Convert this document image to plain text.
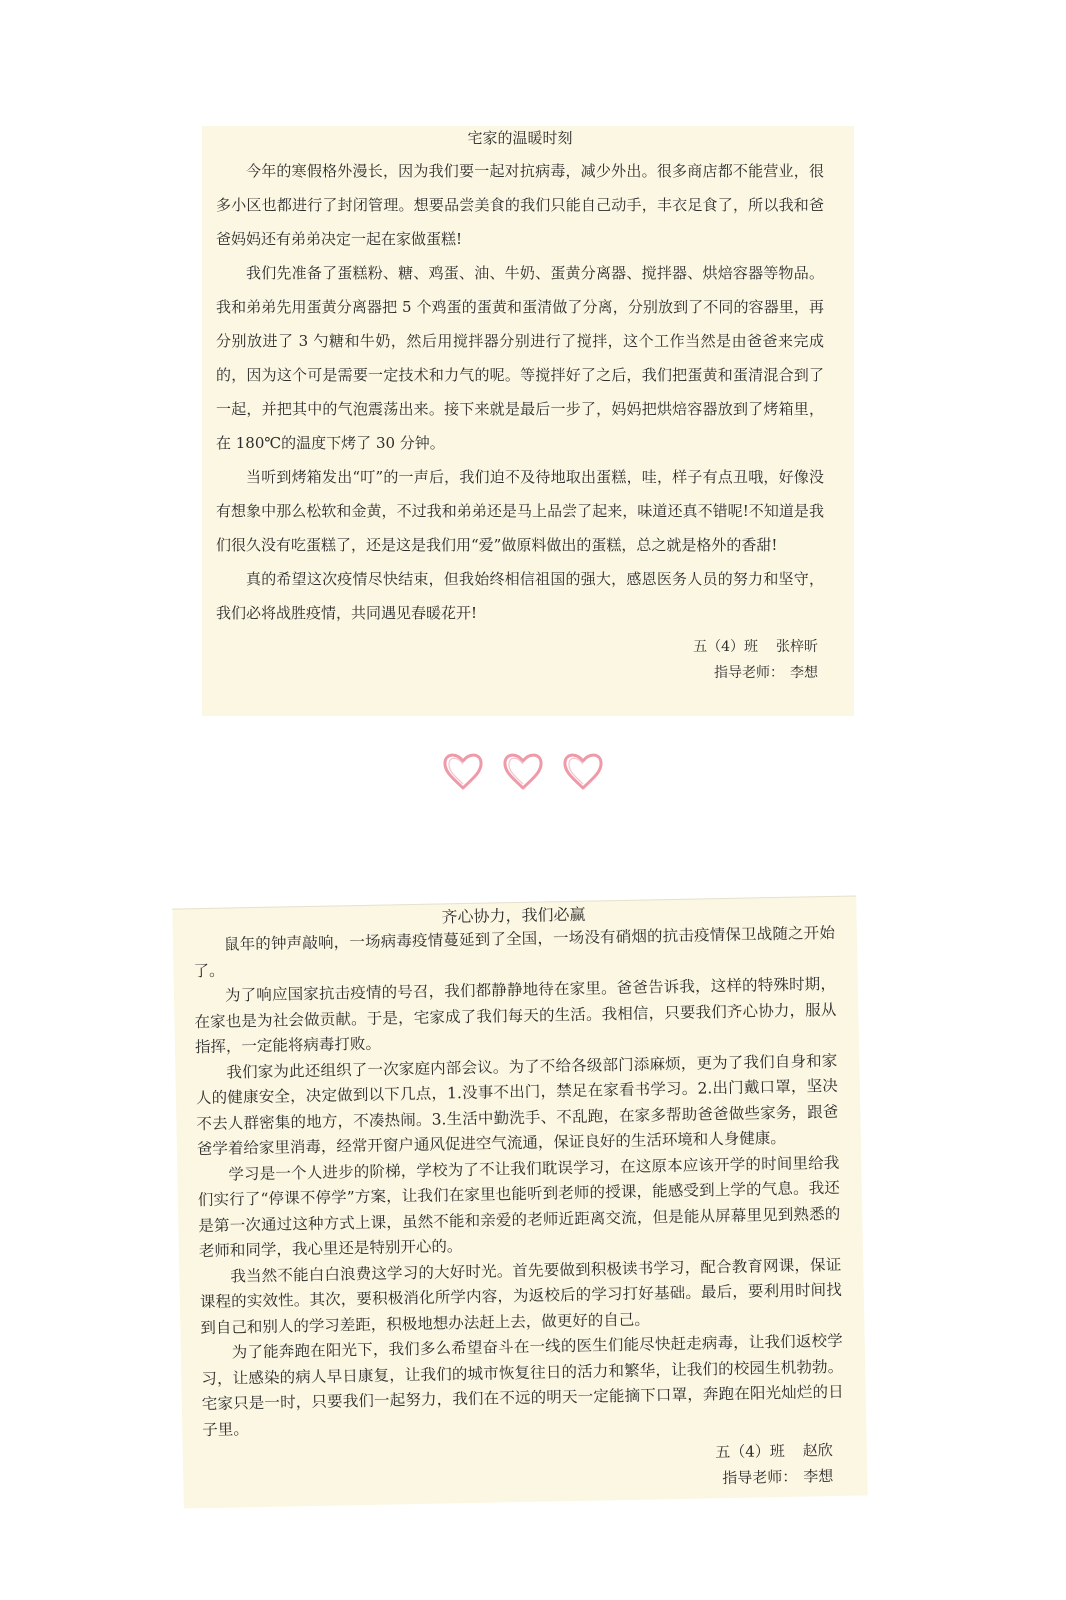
宅家的温暖时刻

今年的寒假格外漫长，因为我们要一起对抗病毒，减少外出。很多商店都不能营业，很多小区也都进行了封闭管理。想要品尝美食的我们只能自己动手，丰衣足食了，所以我和爸爸妈妈还有弟弟决定一起在家做蛋糕!

我们先准备了蛋糕粉、糖、鸡蛋、油、牛奶、蛋黄分离器、搅拌器、烘焙容器等物品。我和弟弟先用蛋黄分离器把 5 个鸡蛋的蛋黄和蛋清做了分离，分别放到了不同的容器里，再分别放进了 3 勺糖和牛奶，然后用搅拌器分别进行了搅拌，这个工作当然是由爸爸来完成的，因为这个可是需要一定技术和力气的呢。等搅拌好了之后，我们把蛋黄和蛋清混合到了一起，并把其中的气泡震荡出来。接下来就是最后一步了，妈妈把烘焙容器放到了烤箱里，在 180℃的温度下烤了 30 分钟。

当听到烤箱发出“叮”的一声后，我们迫不及待地取出蛋糕，哇，样子有点丑哦，好像没有想象中那么松软和金黄，不过我和弟弟还是马上品尝了起来，味道还真不错呢!不知道是我们很久没有吃蛋糕了，还是这是我们用“爱”做原料做出的蛋糕，总之就是格外的香甜!

真的希望这次疫情尽快结束，但我始终相信祖国的强大，感恩医务人员的努力和坚守，我们必将战胜疫情，共同遇见春暖花开!

五（4）班 张梓昕
指导老师： 李想
齐心协力，我们必赢

鼠年的钟声敲响，一场病毒疫情蔓延到了全国，一场没有硝烟的抗击疫情保卫战随之开始了。

为了响应国家抗击疫情的号召，我们都静静地待在家里。爸爸告诉我，这样的特殊时期，在家也是为社会做贡献。于是，宅家成了我们每天的生活。我相信，只要我们齐心协力，服从指挥，一定能将病毒打败。

我们家为此还组织了一次家庭内部会议。为了不给各级部门添麻烦，更为了我们自身和家人的健康安全，决定做到以下几点，1.没事不出门，禁足在家看书学习。2.出门戴口罩，坚决不去人群密集的地方，不凑热闹。3.生活中勤洗手、不乱跑，在家多帮助爸爸做些家务，跟爸爸学着给家里消毒，经常开窗户通风促进空气流通，保证良好的生活环境和人身健康。

学习是一个人进步的阶梯，学校为了不让我们耽误学习，在这原本应该开学的时间里给我们实行了“停课不停学”方案，让我们在家里也能听到老师的授课，能感受到上学的气息。我还是第一次通过这种方式上课，虽然不能和亲爱的老师近距离交流，但是能从屏幕里见到熟悉的老师和同学，我心里还是特别开心的。

我当然不能白白浪费这学习的大好时光。首先要做到积极读书学习，配合教育网课，保证课程的实效性。其次，要积极消化所学内容，为返校后的学习打好基础。最后，要利用时间找到自己和别人的学习差距，积极地想办法赶上去，做更好的自己。

为了能奔跑在阳光下，我们多么希望奋斗在一线的医生们能尽快赶走病毒，让我们返校学习，让感染的病人早日康复，让我们的城市恢复往日的活力和繁华，让我们的校园生机勃勃。宅家只是一时，只要我们一起努力，我们在不远的明天一定能摘下口罩，奔跑在阳光灿烂的日子里。

五（4）班 赵欣
指导老师： 李想
